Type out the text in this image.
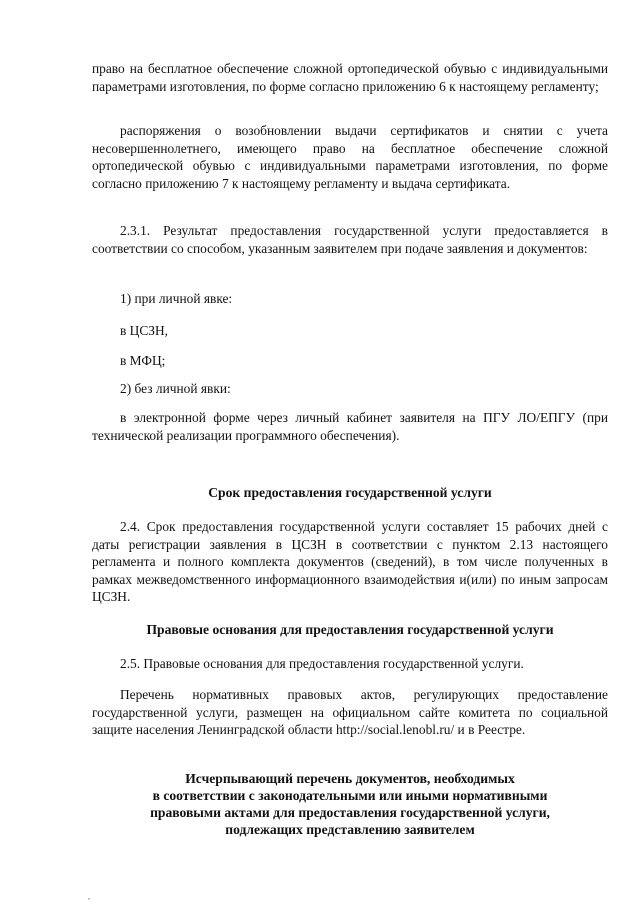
право на бесплатное обеспечение сложной ортопедической обувью с индивидуальными параметрами изготовления, по форме согласно приложению 6 к настоящему регламенту;

распоряжения о возобновлении выдачи сертификатов и снятии с учета несовершеннолетнего, имеющего право на бесплатное обеспечение сложной ортопедической обувью с индивидуальными параметрами изготовления, по форме согласно приложению 7 к настоящему регламенту и выдача сертификата.

2.3.1. Результат предоставления государственной услуги предоставляется в соответствии со способом, указанным заявителем при подаче заявления и документов:

1) при личной явке:

в ЦСЗН,

в МФЦ;

2) без личной явки:

в электронной форме через личный кабинет заявителя на ПГУ ЛО/ЕПГУ (при технической реализации программного обеспечения).

Срок предоставления государственной услуги

2.4. Срок предоставления государственной услуги составляет 15 рабочих дней с даты регистрации заявления в ЦСЗН в соответствии с пунктом 2.13 настоящего регламента и полного комплекта документов (сведений), в том числе полученных в рамках межведомственного информационного взаимодействия и(или) по иным запросам ЦСЗН.

Правовые основания для предоставления государственной услуги

2.5. Правовые основания для предоставления государственной услуги.

Перечень нормативных правовых актов, регулирующих предоставление государственной услуги, размещен на официальном сайте комитета по социальной защите населения Ленинградской области http://social.lenobl.ru/ и в Реестре.

Исчерпывающий перечень документов, необходимых

в соответствии с законодательными или иными нормативными

правовыми актами для предоставления государственной услуги,

подлежащих представлению заявителем

,
